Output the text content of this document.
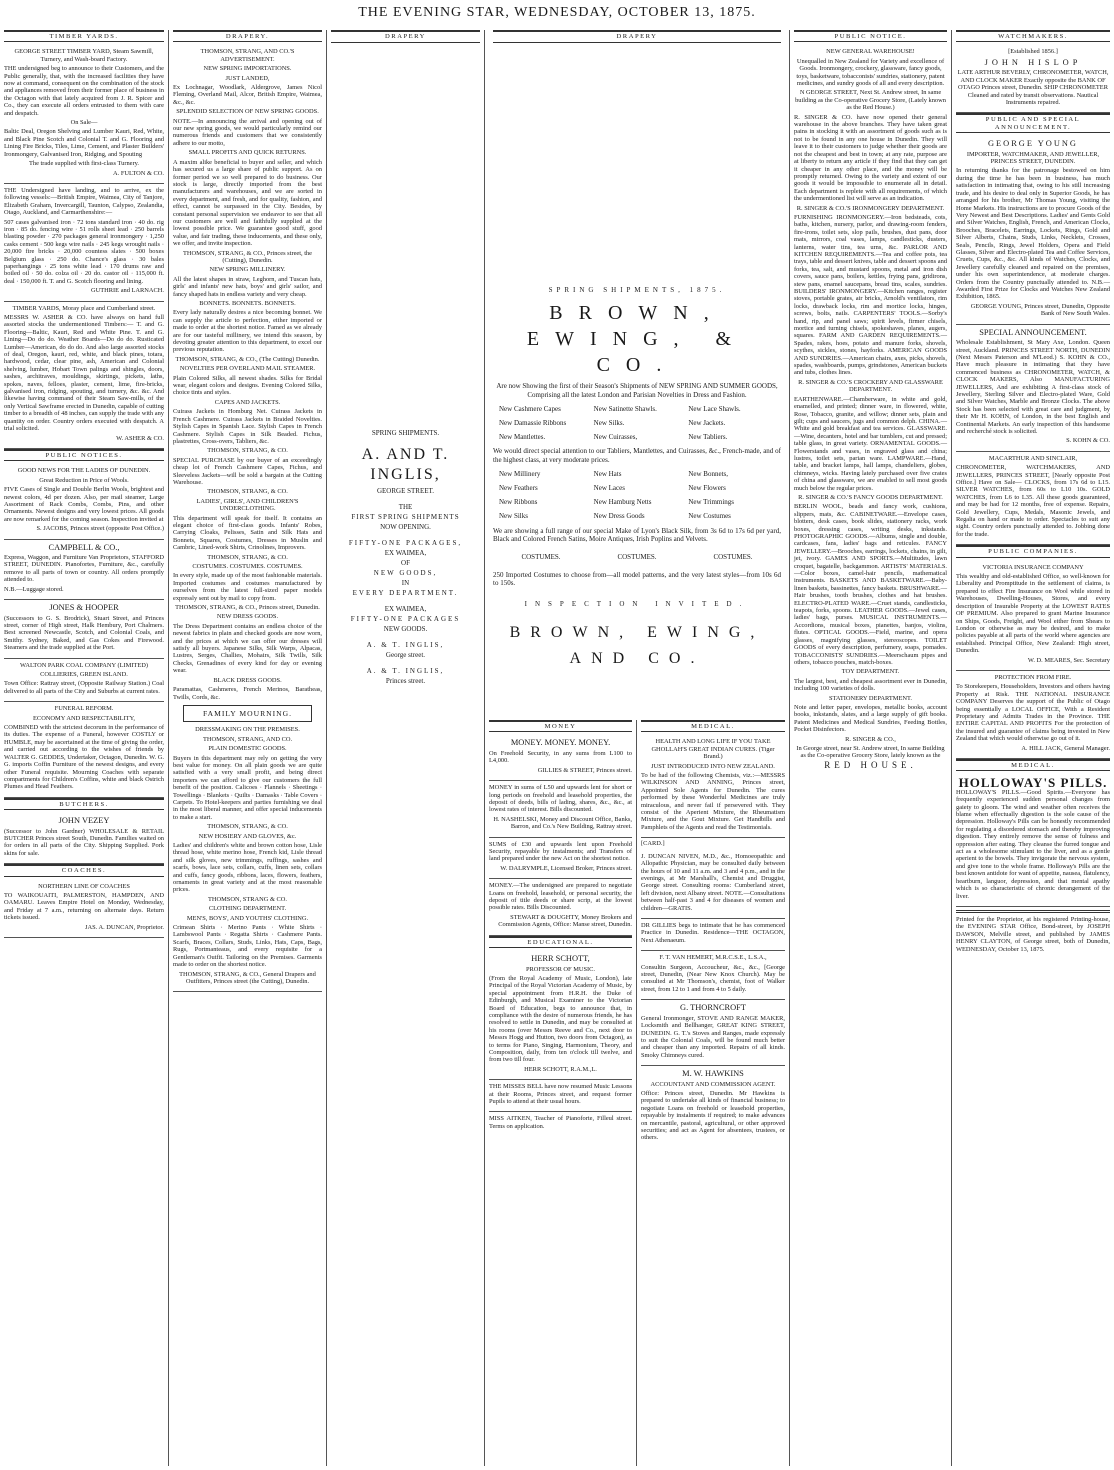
THE EVENING STAR, WEDNESDAY, OCTOBER 13, 1875.
TIMBER YARDS.

GEORGE STREET TIMBER YARD, Steam Sawmill, Turnery, and Wash-board Factory.

THE undersigned beg to announce to their Customers, and the Public generally, that, with the increased facilities they have now at command, consequent on the combination of the stock and appliances removed from their former place of business in the Octagon with that lately acquired from J. R. Spicer and Co., they can execute all orders entrusted to them with care and despatch.

On Sale—

Baltic Deal, Oregon Shelving and Lumber Kauri, Red, White, and Black Pine Scotch and Colonial T. and G. Flooring and Lining Fire Bricks, Tiles, Lime, Cement, and Plaster Builders' Ironmongery, Galvanised Iron, Ridging, and Spouting

The trade supplied with first-class Turnery.

A. FULTON & CO.

THE Undersigned have landing, and to arrive, ex the following vessels:—British Empire, Waimea, City of Tanjore, Elizabeth Graham, Invercargill, Taunton, Calypso, Zealandia, Otago, Auckland, and Carmarthenshire:—

507 cases galvanised iron · 72 tons standard iron · 40 do. rig iron · 85 do. fencing wire · 51 rolls sheet lead · 250 barrels blasting powder · 270 packages general ironmongery · 1,250 casks cement · 500 kegs wire nails · 245 kegs wrought nails · 20,000 fire bricks · 20,000 countess slates · 500 boxes Belgium glass · 250 do. Chance's glass · 30 bales paperhangings · 25 tons white lead · 170 drums raw and boiled oil · 50 do. colza oil · 20 do. castor oil · 115,000 ft. deal · 150,000 ft. T. and G. Scotch flooring and lining.

GUTHRIE and LARNACH.

TIMBER YARDS, Moray place and Cumberland street.

MESSRS W. ASHER & CO. have always on hand full assorted stocks the undermentioned Timbers:— T. and G. Flooring—Baltic, Kauri, Red and White Pine. T. and G. Lining—Do do do. Weather Boards—Do do do. Rusticated Lumber—American, do do do. And also large assorted stocks of deal, Oregon, kauri, red, white, and black pines, totara, hardwood, cedar, clear pine, ash, American and Colonial shelving, lumber, Hobart Town palings and shingles, doors, sashes, architraves, mouldings, skirtings, pickets, laths, spokes, naves, felloes, plaster, cement, lime, fire-bricks, galvanised iron, ridging, spouting, and turnery, &c. &c. And likewise having command of their Steam Saw-mills, of the only Vertical Sawframe erected in Dunedin, capable of cutting timber to a breadth of 48 inches, can supply the trade with any quantity on order. Country orders executed with despatch. A trial solicited.

W. ASHER & CO.

PUBLIC NOTICES.

GOOD NEWS FOR THE LADIES OF DUNEDIN.

Great Reduction in Price of Wools.

FIVE Cases of Single and Double Berlin Wools, brightest and newest colors, 4d per dozen. Also, per mail steamer, Large Assortment of Rack Combs, Combs, Pins, and other Ornaments. Newest designs and very lowest prices. All goods are now remarked for the coming season. Inspection invited at

S. JACOBS, Princes street (opposite Post Office.)

CAMPBELL & CO.,

Express, Waggon, and Furniture Van Proprietors, STAFFORD STREET, DUNEDIN. Pianofortes, Furniture, &c., carefully remove to all parts of town or country. All orders promptly attended to.

N.B.—Luggage stored.

JONES & HOOPER

(Successors to G. S. Brodrick), Stuart Street, and Princes street, corner of High street, Halk Hembury, Port Chalmers. Best screened Newcastle, Scotch, and Colonial Coals, and Smithy. Sydney, Baked, and Gas Cokes and Firewood. Steamers and the trade supplied at the Port.

WALTON PARK COAL COMPANY (LIMITED)

COLLIERIES, GREEN ISLAND.

Town Office: Rattray street, (Opposite Railway Station.) Coal delivered to all parts of the City and Suburbs at current rates.

FUNERAL REFORM.

ECONOMY AND RESPECTABILITY,

COMBINED with the strictest decorum in the performance of its duties. The expense of a Funeral, however COSTLY or HUMBLE, may be ascertained at the time of giving the order, and carried out according to the wishes of friends by WALTER G. GEDDES, Undertaker, Octagon, Dunedin. W. G. G. imports Coffin Furniture of the newest designs, and every other Funeral requisite. Mourning Coaches with separate compartments for Children's Coffins, white and black Ostrich Plumes and Head Feathers.

BUTCHERS.

JOHN VEZEY

(Successor to John Gardner) WHOLESALE & RETAIL BUTCHER Princes street South, Dunedin. Families waited on for orders in all parts of the City. Shipping Supplied. Pork skins for sale.

COACHES.

NORTHERN LINE OF COACHES

TO WAIKOUAITI, PALMERSTON, HAMPDEN, AND OAMARU. Leaves Empire Hotel on Monday, Wednesday, and Friday at 7 a.m., returning on alternate days. Return tickets issued.

JAS. A. DUNCAN, Proprietor.

DRAPERY.

THOMSON, STRANG, AND CO.'S ADVERTISEMENT.

NEW SPRING IMPORTATIONS.

JUST LANDED,

Ex Lochnagar, Woodlark, Aldergrove, James Nicol Fleming, Overland Mail, Alcor, British Empire, Waimea, &c., &c.

SPLENDID SELECTION OF NEW SPRING GOODS.

NOTE.—In announcing the arrival and opening out of our new spring goods, we would particularly remind our numerous friends and customers that we consistently adhere to our motto,

SMALL PROFITS AND QUICK RETURNS.

A maxim alike beneficial to buyer and seller, and which has secured us a large share of public support. As on former period we so well prepared to do business. Our stock is large, directly imported from the best manufacturers and warehouses, and we are sorted in every department, and fresh, and for quality, fashion, and effect, cannot be surpassed in the City. Besides, by constant personal supervision we endeavor to see that all our customers are well and faithfully supplied at the lowest possible price. We guarantee good stuff, good value, and fair trading, these inducements, and these only, we offer, and invite inspection.

THOMSON, STRANG, & CO., Princes street, the (Cutting), Dunedin.

NEW SPRING MILLINERY.

All the latest shapes in straw, Leghorn, and Tuscan hats, girls' and infants' new hats, boys' and girls' sailor, and fancy shaped hats in endless variety and very cheap.

BONNETS. BONNETS. BONNETS.

Every lady naturally desires a nice becoming bonnet. We can supply the article to perfection, either imported or made to order at the shortest notice. Famed as we already are for our tasteful millinery, we intend this season, by devoting greater attention to this department, to excel our previous reputation.

THOMSON, STRANG, & CO., (The Cutting) Dunedin.

NOVELTIES PER OVERLAND MAIL STEAMER.

Plain Colored Silks, all newest shades. Silks for Bridal wear, elegant colors and designs. Evening Colored Silks, choice tints and styles.

CAPES AND JACKETS.

Cuirass Jackets in Homburg Net. Cuirass Jackets in French Cashmere. Cuirass Jackets in Braided Novelties. Stylish Capes in Spanish Lace. Stylish Capes in French Cashmere. Stylish Capes in Silk Beaded. Fichus, plastrettes, Cross-overs, Tabliers, &c.

THOMSON, STRANG, & CO.

SPECIAL PURCHASE by our buyer of an exceedingly cheap lot of French Cashmere Capes, Fichus, and Sleeveless Jackets—will be sold a bargain at the Cutting Warehouse.

THOMSON, STRANG, & CO.

LADIES', GIRLS', AND CHILDREN'S UNDERCLOTHING.

This department will speak for itself. It contains an elegant choice of first-class goods. Infants' Robes, Carrying Cloaks, Pelisses, Satin and Silk Hats and Bonnets, Squares, Costumes, Dresses in Muslin and Cambric, Lined-work Shirts, Crinolines, Improvers.

THOMSON, STRANG, & CO.

COSTUMES. COSTUMES. COSTUMES.

In every style, made up of the most fashionable materials. Imported costumes and costumes manufactured by ourselves from the latest full-sized paper models expressly sent out by mail to copy from.

THOMSON, STRANG, & CO., Princes street, Dunedin.

NEW DRESS GOODS.

The Dress Department contains an endless choice of the newest fabrics in plain and checked goods are now worn, and the prices at which we can offer our dresses will satisfy all buyers. Japanese Silks, Silk Warps, Alpacas, Lustres, Serges, Challies, Mohairs, Silk Twills, Silk Checks, Grenadines of every kind for day or evening wear.

BLACK DRESS GOODS.

Paramattas, Cashmeres, French Merinos, Baratheas, Twills, Cords, &c.

FAMILY MOURNING.

DRESSMAKING ON THE PREMISES.

THOMSON, STRANG, AND CO.

PLAIN DOMESTIC GOODS.

Buyers in this department may rely on getting the very best value for money. On all plain goods we are quite satisfied with a very small profit, and being direct importers we can afford to give our customers the full benefit of the position. Calicoes · Flannels · Sheetings · Towellings · Blankets · Quilts · Damasks · Table Covers · Carpets. To Hotel-keepers and parties furnishing we deal in the most liberal manner, and offer special inducements to make a start.

THOMSON, STRANG, & CO.

NEW HOSIERY AND GLOVES, &c.

Ladies' and children's white and brown cotton hose, Lisle thread hose, white merino hose, French kid, Lisle thread and silk gloves, new trimmings, ruffings, sashes and scarfs, bows, lace sets, collars, cuffs, linen sets, collars and cuffs, fancy goods, ribbons, laces, flowers, feathers, ornaments in great variety and at the most reasonable prices.

THOMSON, STRANG & CO.

CLOTHING DEPARTMENT.

MEN'S, BOYS', AND YOUTHS' CLOTHING.

Crimean Shirts · Merino Pants · White Shirts · Lambswool Pants · Regatta Shirts · Cashmere Pants. Scarfs, Braces, Collars, Studs, Links, Hats, Caps, Bags, Rugs, Portmanteaus, and every requisite for a Gentleman's Outfit. Tailoring on the Premises. Garments made to order on the shortest notice.

THOMSON, STRANG, & CO., General Drapers and Outfitters, Princes street (the Cutting), Dunedin.

DRAPERY

SPRING SHIPMENTS.

A. AND T. INGLIS,

GEORGE STREET.

THE

FIRST SPRING SHIPMENTS

NOW OPENING.

FIFTY-ONE PACKAGES,

EX WAIMEA,

OF

NEW GOODS,

IN

EVERY DEPARTMENT.

EX WAIMEA,

FIFTY-ONE PACKAGES

NEW GOODS.

A. & T. INGLIS,

George street.

A. & T. INGLIS,

Princes street.

DRAPERY

SPRING SHIPMENTS, 1875.

BROWN, EWING, & CO.

Are now Showing the first of their Season's Shipments of NEW SPRING AND SUMMER GOODS, Comprising all the latest London and Parisian Novelties in Dress and Fashion.

New Cashmere Capes	New Satinette Shawls.	New Lace Shawls.
New Damassie Ribbons	New Silks.	New Jackets.
New Mantlettes.	New Cuirasses,	New Tabliers.

We would direct special attention to our Tabliers, Mantlettes, and Cuirasses, &c., French-made, and of the highest class, at very moderate prices.

New Millinery	New Hats	New Bonnets,
New Feathers	New Laces	New Flowers
New Ribbons	New Hamburg Netts	New Trimmings
New Silks	New Dress Goods	New Costumes

We are showing a full range of our special Make of Lyon's Black Silk, from 3s 6d to 17s 6d per yard, Black and Colored French Satins, Moire Antiques, Irish Poplins and Velvets.

COSTUMES.	COSTUMES.	COSTUMES.

250 Imported Costumes to choose from—all model patterns, and the very latest styles—from 10s 6d to 150s.

INSPECTION INVITED.

BROWN, EWING, AND CO.
MONEY

MONEY. MONEY. MONEY.

On Freehold Security, in any sums from L100 to L4,000.

GILLIES & STREET, Princes street.

MONEY in sums of L50 and upwards lent for short or long periods on freehold and leasehold properties, the deposit of deeds, bills of lading, shares, &c., &c., at lowest rates of interest. Bills discounted.

H. NASHELSKI, Money and Discount Office, Banks, Barron, and Co.'s New Building, Rattray street.

SUMS of £30 and upwards lent upon Freehold Security, repayable by instalments; and Transfers of land prepared under the new Act on the shortest notice.

W. DALRYMPLE, Licensed Broker, Princes street.

MONEY.—The undersigned are prepared to negotiate Loans on freehold, leasehold, or personal security, the deposit of title deeds or share scrip, at the lowest possible rates. Bills Discounted.

STEWART & DOUGHTY, Money Brokers and Commission Agents, Office: Manse street, Dunedin.

EDUCATIONAL.

HERR SCHOTT,

PROFESSOR OF MUSIC.

(From the Royal Academy of Music, London), late Principal of the Royal Victorian Academy of Music, by special appointment from H.R.H. the Duke of Edinburgh, and Musical Examiner to the Victorian Board of Education, begs to announce that, in compliance with the desire of numerous friends, he has resolved to settle in Dunedin, and may be consulted at his rooms (over Messrs Reeve and Co., next door to Messrs Hogg and Hutton, two doors from Octagon), as to terms for Piano, Singing, Harmonium, Theory, and Composition, daily, from ten o'clock till twelve, and from two till four.

HERR SCHOTT, R.A.M.,L.

THE MISSES BELL have now resumed Music Lessons at their Rooms, Princes street, and request former Pupils to attend at their usual hours.

MISS AITKEN, Teacher of Pianoforte, Filleul street. Terms on application.

MEDICAL.

HEALTH AND LONG LIFE IF YOU TAKE GHOLLAH'S GREAT INDIAN CURES. (Tiger Brand.)

JUST INTRODUCED INTO NEW ZEALAND.

To be had of the following Chemists, viz.:—MESSRS WILKINSON AND ANNING, Princes street, Appointed Sole Agents for Dunedin. The cures performed by these Wonderful Medicines are truly miraculous, and never fail if persevered with. They consist of the Aperient Mixture, the Rheumatism Mixture, and the Gout Mixture. Get Handbills and Pamphlets of the Agents and read the Testimonials.

[CARD.]

J. DUNCAN NIVEN, M.D., &c., Homoeopathic and Allopathic Physician, may be consulted daily between the hours of 10 and 11 a.m. and 3 and 4 p.m., and in the evenings, at Mr Marshall's, Chemist and Druggist, George street. Consulting rooms: Cumberland street, left division, next Albany street. NOTE.—Consultations between half-past 3 and 4 for diseases of women and children—GRATIS.

DR GILLIES begs to intimate that he has commenced Practice in Dunedin. Residence—THE OCTAGON, Next Athenaeum.

F. T. VAN HEMERT, M.R.C.S.E., L.S.A.,

Consultin Surgeon, Accoucheur, &c., &c., [George street, Dunedin, (Near New Knox Church). May be consulted at Mr Thomson's, chemist, foot of Walker street, from 12 to 1 and from 4 to 5 daily.

G. THORNCROFT

General Ironmonger, STOVE AND RANGE MAKER, Locksmith and Bellhanger, GREAT KING STREET, DUNEDIN. G. T.'s Stoves and Ranges, made expressly to suit the Colonial Coals, will be found much better and cheaper than any imported. Repairs of all kinds. Smoky Chimneys cured.

M. W. HAWKINS

ACCOUNTANT AND COMMISSION AGENT.

Office: Princes street, Dunedin. Mr Hawkins is prepared to undertake all kinds of financial business; to negotiate Loans on freehold or leasehold properties, repayable by instalments if required; to make advances on mercantile, pastoral, agricultural, or other approved securities; and act as Agent for absentees, trustees, or others.

PUBLIC NOTICE.

NEW GENERAL WAREHOUSE!

Unequalled in New Zealand for Variety and excellence of Goods. Ironmongery, crockery, glassware, fancy goods, toys, basketware, tobacconists' sundries, stationery, patent medicines, and sundry goods of all and every description.

N GEORGE STREET, Next St. Andrew street, In same building as the Co-operative Grocery Store, (Lately known as the Red House.)

R. SINGER & CO. have now opened their general warehouse in the above branches. They have taken great pains in stocking it with an assortment of goods such as is not to be found in any one house in Dunedin. They will leave it to their customers to judge whether their goods are not the cheapest and best in town; at any rate, purpose are at liberty to return any article if they find that they can get it cheaper in any other place, and the money will be promptly returned. Owing to the variety and extent of our goods it would be impossible to enumerate all in detail. Each department is replete with all requirements, of which the undermentioned list will serve as an indication.

R. SINGER & CO.'S IRONMONGERY DEPARTMENT.

FURNISHING IRONMONGERY.—Iron bedsteads, cots, baths, kitchen, nursery, parlor, and drawing-room fenders, fire-irons, toilet sets, slop pails, brushes, dust pans, door mats, mirrors, coal vases, lamps, candlesticks, dusters, lanterns, water tins, tea urns, &c. PARLOR AND KITCHEN REQUIREMENTS.—Tea and coffee pots, tea trays, table and dessert knives, table and dessert spoons and forks, tea, salt, and mustard spoons, metal and iron dish covers, sauce pans, boilers, kettles, frying pans, gridirons, stew pans, enamel saucepans, bread tins, scales, sundries. BUILDERS' IRONMONGERY.—Kitchen ranges, register stoves, portable grates, air bricks, Arnold's ventilators, rim locks, drawback locks, rim and mortice locks, hinges, screws, bolts, nails. CARPENTERS' TOOLS.—Sorby's hand, rip, and panel saws; spirit levels, firmer chisels, mortice and turning chisels, spokeshaves, planes, augers, squares. FARM AND GARDEN REQUIREMENTS.—Spades, rakes, hoes, potato and manure forks, shovels, scythes, sickles, stones, hayforks. AMERICAN GOODS AND SUNDRIES.—American chairs, axes, picks, shovels, spades, washboards, pumps, grindstones, American buckets and tubs, clothes lines.

R. SINGER & CO.'S CROCKERY AND GLASSWARE DEPARTMENT.

EARTHENWARE.—Chamberware, in white and gold, enamelled, and printed; dinner ware, in flowered, white, Rose, Tobacco, granite, and willow; dinner sets, plain and gilt; cups and saucers, jugs and common delph. CHINA.—White and gold breakfast and tea services. GLASSWARE.—Wine, decanters, hotel and bar tumblers, cut and pressed; table glass, in great variety. ORNAMENTAL GOODS.—Flowerstands and vases, in engraved glass and china; lustres, toilet sets, parian ware. LAMPWARE.—Hand, table, and bracket lamps, hall lamps, chandeliers, globes, chimneys, wicks. Having lately purchased over five crates of china and glassware, we are enabled to sell most goods much below the regular prices.

R. SINGER & CO.'S FANCY GOODS DEPARTMENT.

BERLIN WOOL, beads and fancy work, cushions, slippers, mats, &c. CABINETWARE.—Envelope cases, blotters, desk cases, book slides, stationery racks, work boxes, dressing cases, writing desks, inkstands. PHOTOGRAPHIC GOODS.—Albums, single and double, cardcases, fans, ladies' bags and reticules. FANCY JEWELLERY.—Brooches, earrings, lockets, chains, in gilt, jet, ivory. GAMES AND SPORTS.—Multitudes, lawn croquet, bagatelle, backgammon. ARTISTS' MATERIALS.—Color boxes, camel-hair pencils, mathematical instruments. BASKETS AND BASKETWARE.—Baby-linen baskets, bassinettes, fancy baskets. BRUSHWARE.—Hair brushes, tooth brushes, clothes and hat brushes. ELECTRO-PLATED WARE.—Cruet stands, candlesticks, teapots, forks, spoons. LEATHER GOODS.—Jewel cases, ladies' bags, purses. MUSICAL INSTRUMENTS.—Accordions, musical boxes, pianettes, banjos, violins, flutes. OPTICAL GOODS.—Field, marine, and opera glasses, magnifying glasses, stereoscopes. TOILET GOODS of every description, perfumery, soaps, pomades. TOBACCONISTS' SUNDRIES.—Meerschaum pipes and others, tobacco pouches, match-boxes.

TOY DEPARTMENT.

The largest, best, and cheapest assortment ever in Dunedin, including 100 varieties of dolls.

STATIONERY DEPARTMENT.

Note and letter paper, envelopes, metallic books, account books, inkstands, slates, and a large supply of gift books. Patent Medicines and Medical Sundries, Feeding Bottles, Pocket Disinfectors.

R. SINGER & CO.,

In George street, near St. Andrew street, In same Building as the Co-operative Grocery Store, lately known as the

RED HOUSE.

WATCHMAKERS.

[Established 1856.]

JOHN HISLOP

LATE ARTHUR BEVERLY, CHRONOMETER, WATCH, AND CLOCK MAKER Exactly opposite the BANK OF OTAGO Princes street, Dunedin. SHIP CHRONOMETER Cleaned and rated by transit observations. Nautical Instruments repaired.

PUBLIC AND SPECIAL ANNOUNCEMENT.

GEORGE YOUNG

IMPORTER, WATCHMAKER, AND JEWELLER, PRINCES STREET, DUNEDIN.

In returning thanks for the patronage bestowed on him during the time he has been in business, has much satisfaction in intimating that, owing to his still increasing trade, and his desire to deal only in Superior Goods, he has arranged for his brother, Mr Thomas Young, visiting the Home Markets. His instructions are to procure Goods of the Very Newest and Best Descriptions. Ladies' and Gents Gold and Silver Watches, English, French, and American Clocks, Brooches, Bracelets, Earrings, Lockets, Rings, Gold and Silver Alberts, Chains, Studs, Links, Necklets, Crosses, Seals, Pencils, Rings, Jewel Holders, Opera and Field Glasses, Silver and Electro-plated Tea and Coffee Services, Cruets, Cups, &c., &c. All kinds of Watches, Clocks, and Jewellery carefully cleaned and repaired on the premises, under his own superintendence, at moderate charges. Orders from the Country punctually attended to. N.B.—Awarded First Prize for Clocks and Watches New Zealand Exhibition, 1865.

GEORGE YOUNG, Princes street, Dunedin, Opposite Bank of New South Wales.

SPECIAL ANNOUNCEMENT.

Wholesale Establishment, St Mary Axe, London. Queen street, Auckland. PRINCES STREET NORTH, DUNEDIN (Next Messrs Paterson and M'Leod.) S. KOHN & CO., Have much pleasure in intimating that they have commenced business as CHRONOMETER, WATCH, & CLOCK MAKERS, Also MANUFACTURING JEWELLERS, And are exhibiting A first-class stock of Jewellery, Sterling Silver and Electro-plated Ware, Gold and Silver Watches, Marble and Bronze Clocks. The above Stock has been selected with great care and judgment, by their Mr H. KOHN, of London, in the best English and Continental Markets. An early inspection of this handsome and recherché stock is solicited.

S. KOHN & CO.

MACARTHUR AND SINCLAIR,

CHRONOMETER, WATCHMAKERS, AND JEWELLERS, PRINCES STREET, [Nearly opposite Post Office.] Have on Sale— CLOCKS, from 17s 6d to L15. SILVER WATCHES, from 60s to L10 10s. GOLD WATCHES, from L6 to L35. All these goods guaranteed, and may be had for 12 months, free of expense. Repairs, Gold Jewellery, Cups, Medals, Masonic Jewels, and Regalia on hand or made to order. Spectacles to suit any sight. Country orders punctually attended to. Jobbing done for the trade.

PUBLIC COMPANIES.

VICTORIA INSURANCE COMPANY

This wealthy and old-established Office, so well-known for Liberality and Promptitude in the settlement of claims, is prepared to effect Fire Insurance on Wool while stored in Warehouses, Dwelling-Houses, Stores, and every description of Insurable Property at the LOWEST RATES OF PREMIUM. Also prepared to grant Marine Insurance on Ships, Goods, Freight, and Wool either from Shears to London or otherwise as may be desired, and to make policies payable at all parts of the world where agencies are established. Principal Office, New Zealand: High street, Dunedin.

W. D. MEARES, Sec. Secretary

PROTECTION FROM FIRE.

To Storekeepers, Householders, Investors and others having Property at Risk. THE NATIONAL INSURANCE COMPANY Deserves the support of the Public of Otago being essentially a LOCAL OFFICE, With a Resident Proprietary and Admits Trades in the Province. THE ENTIRE CAPITAL AND PROFITS For the protection of the insured and guarantee of claims being invested in New Zealand that which would otherwise go out of it.

A. HILL JACK, General Manager.

MEDICAL.
HOLLOWAY'S PILLS.

HOLLOWAY'S PILLS.—Good Spirits.—Everyone has frequently experienced sudden personal changes from gaiety to gloom. The wind and weather often receives the blame when effectually digestion is the sole cause of the depression. Holloway's Pills can be honestly recommended for regulating a disordered stomach and thereby improving digestion. They entirely remove the sense of fulness and oppression after eating. They cleanse the furred tongue and act as a wholesome stimulant to the liver, and as a gentle aperient to the bowels. They invigorate the nervous system, and give tone to the whole frame. Holloway's Pills are the best known antidote for want of appetite, nausea, flatulency, heartburn, languor, depression, and that mental apathy which is so characteristic of chronic derangement of the liver.

Printed for the Proprietor, at his registered Printing-house, the EVENING STAR Office, Bond-street, by JOSEPH DAWSON, Melville street, and published by JAMES HENRY CLAYTON, of George street, both of Dunedin, WEDNESDAY, October 13, 1875.
